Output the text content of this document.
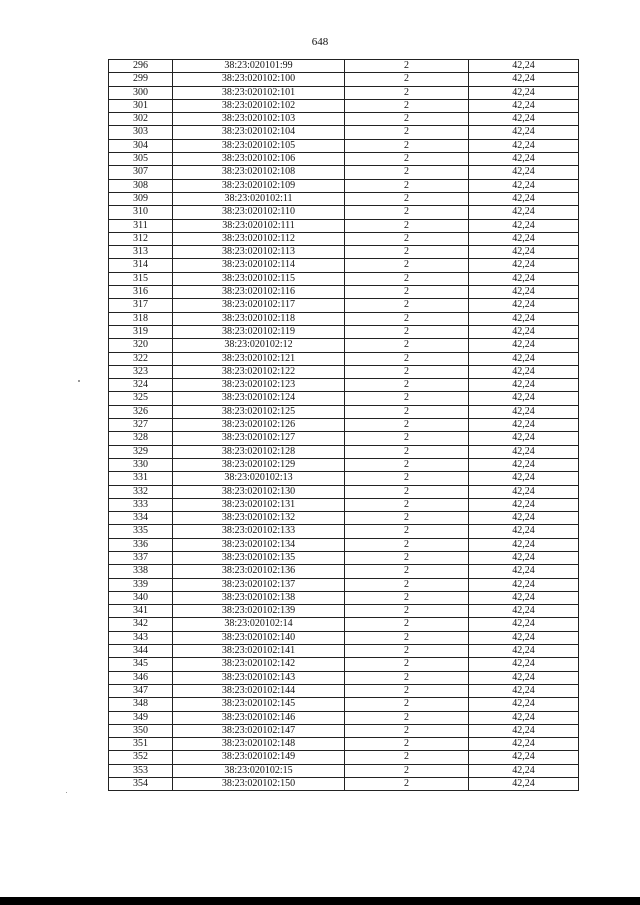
648
296	38:23:020101:99	2	42,24
299	38:23:020102:100	2	42,24
300	38:23:020102:101	2	42,24
301	38:23:020102:102	2	42,24
302	38:23:020102:103	2	42,24
303	38:23:020102:104	2	42,24
304	38:23:020102:105	2	42,24
305	38:23:020102:106	2	42,24
307	38:23:020102:108	2	42,24
308	38:23:020102:109	2	42,24
309	38:23:020102:11	2	42,24
310	38:23:020102:110	2	42,24
311	38:23:020102:111	2	42,24
312	38:23:020102:112	2	42,24
313	38:23:020102:113	2	42,24
314	38:23:020102:114	2	42,24
315	38:23:020102:115	2	42,24
316	38:23:020102:116	2	42,24
317	38:23:020102:117	2	42,24
318	38:23:020102:118	2	42,24
319	38:23:020102:119	2	42,24
320	38:23:020102:12	2	42,24
322	38:23:020102:121	2	42,24
323	38:23:020102:122	2	42,24
324	38:23:020102:123	2	42,24
325	38:23:020102:124	2	42,24
326	38:23:020102:125	2	42,24
327	38:23:020102:126	2	42,24
328	38:23:020102:127	2	42,24
329	38:23:020102:128	2	42,24
330	38:23:020102:129	2	42,24
331	38:23:020102:13	2	42,24
332	38:23:020102:130	2	42,24
333	38:23:020102:131	2	42,24
334	38:23:020102:132	2	42,24
335	38:23:020102:133	2	42,24
336	38:23:020102:134	2	42,24
337	38:23:020102:135	2	42,24
338	38:23:020102:136	2	42,24
339	38:23:020102:137	2	42,24
340	38:23:020102:138	2	42,24
341	38:23:020102:139	2	42,24
342	38:23:020102:14	2	42,24
343	38:23:020102:140	2	42,24
344	38:23:020102:141	2	42,24
345	38:23:020102:142	2	42,24
346	38:23:020102:143	2	42,24
347	38:23:020102:144	2	42,24
348	38:23:020102:145	2	42,24
349	38:23:020102:146	2	42,24
350	38:23:020102:147	2	42,24
351	38:23:020102:148	2	42,24
352	38:23:020102:149	2	42,24
353	38:23:020102:15	2	42,24
354	38:23:020102:150	2	42,24
